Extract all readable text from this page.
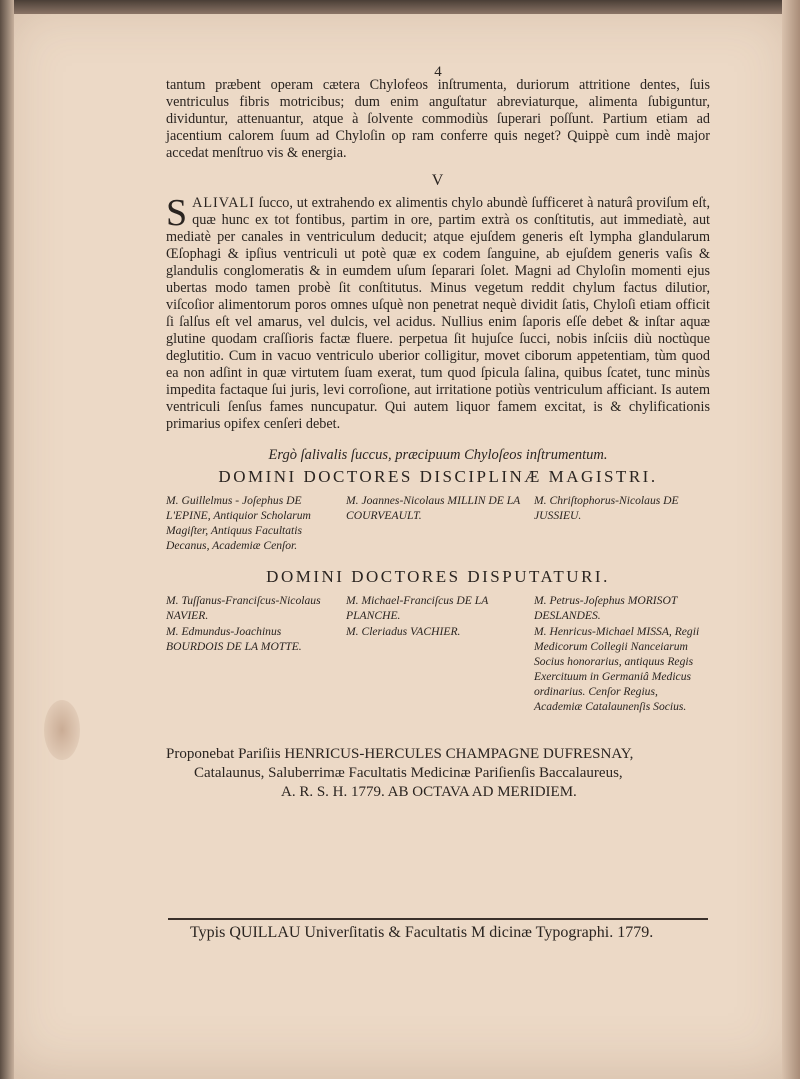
4

tantum præbent operam cætera Chylofeos inſtrumenta, duriorum attritione dentes, ſuis ventriculus fibris motricibus; dum enim anguſtatur abreviaturque, alimenta ſubiguntur, dividuntur, attenuantur, atque à ſolvente commodiùs ſuperari poſſunt. Partium etiam ad jacentium calorem ſuum ad Chyloſin op ram conferre quis neget? Quippè cum indè major accedat menſtruo vis & energia.

V

SALIVALI ſucco, ut extrahendo ex alimentis chylo abundè ſufficeret à naturâ proviſum eſt, quæ hunc ex tot fontibus, partim in ore, partim extrà os conſtitutis, aut immediatè, aut mediatè per canales in ventriculum deducit; atque ejuſdem generis eſt lympha glandularum Œſophagi & ipſius ventriculi ut potè quæ ex codem ſanguine, ab ejuſdem generis vaſis & glandulis conglomeratis & in eumdem uſum ſeparari ſolet. Magni ad Chyloſin momenti ejus ubertas modo tamen probè ſit conſtitutus. Minus vegetum reddit chylum factus dilutior, viſcoſior alimentorum poros omnes uſquè non penetrat nequè dividit ſatis, Chyloſi etiam officit ſi ſalſus eſt vel amarus, vel dulcis, vel acidus. Nullius enim ſaporis eſſe debet & inſtar aquæ glutine quodam craſſioris factæ fluere. perpetua ſit hujuſce ſucci, nobis inſciis diù noctùque deglutitio. Cum in vacuo ventriculo uberior colligitur, movet ciborum appetentiam, tùm quod ea non adſint in quæ virtutem ſuam exerat, tum quod ſpicula ſalina, quibus ſcatet, tunc minùs impedita factaque ſui juris, levi corroſione, aut irritatione potiùs ventriculum afficiant. Is autem ventriculi ſenſus fames nuncupatur. Qui autem liquor famem excitat, is & chylificationis primarius opifex cenſeri debet.

Ergò ſalivalis ſuccus, præcipuum Chyloſeos inſtrumentum.
DOMINI DOCTORES DISCIPLINÆ MAGISTRI.
M. Guillelmus - Joſephus DE L'EPINE, Antiquior Scholarum Magiſter, Antiquus Facultatis Decanus, Academiæ Cenſor.
M. Joannes-Nicolaus MILLIN DE LA COURVEAULT.
M. Chriſtophorus-Nicolaus DE JUSSIEU.
DOMINI DOCTORES DISPUTATURI.
M. Tuſſanus-Franciſcus-Nicolaus NAVIER.
M. Edmundus-Joachinus BOURDOIS DE LA MOTTE.
M. Michael-Franciſcus DE LA PLANCHE.
M. Cleriadus VACHIER.
M. Petrus-Joſephus MORISOT DESLANDES.
M. Henricus-Michael MISSA, Regii Medicorum Collegii Nanceiarum Socius honorarius, antiquus Regis Exercituum in Germaniâ Medicus ordinarius. Cenſor Regius, Academiæ Catalaunenſis Socius.
Proponebat Pariſiis HENRICUS-HERCULES CHAMPAGNE DUFRESNAY,
Catalaunus, Saluberrimæ Facultatis Medicinæ Pariſienſis Baccalaureus,
A. R. S. H. 1779. AB OCTAVA AD MERIDIEM.
Typis QUILLAU Univerſitatis & Facultatis M dicinæ Typographi. 1779.
